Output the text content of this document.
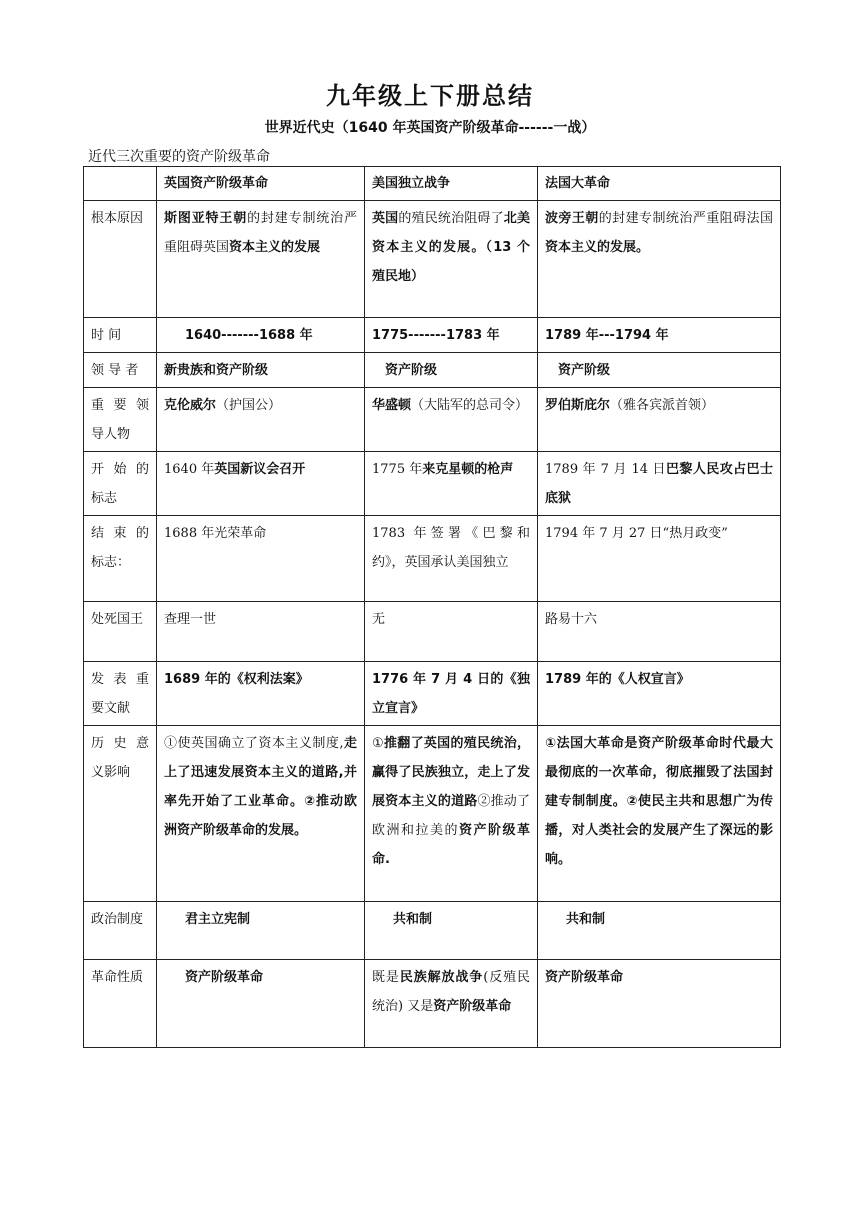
九年级上下册总结
世界近代史（1640 年英国资产阶级革命------一战）
近代三次重要的资产阶级革命
	英国资产阶级革命	美国独立战争	法国大革命
根本原因	斯图亚特王朝的封建专制统治严重阻碍英国资本主义的发展	英国的殖民统治阻碍了北美资本主义的发展。（13 个殖民地）	波旁王朝的封建专制统治严重阻碍法国资本主义的发展。
时 间	1640-------1688 年	1775-------1783 年	1789 年---1794 年
领 导 者	新贵族和资产阶级	资产阶级	资产阶级
重 要 领导人物	克伦威尔（护国公）	华盛顿（大陆军的总司令）	罗伯斯庇尔（雅各宾派首领）
开 始 的标志	1640 年英国新议会召开	1775 年来克星顿的枪声	1789 年 7 月 14 日巴黎人民攻占巴士底狱
结 束 的标志：	1688 年光荣革命	1783 年签署《巴黎和约》，英国承认美国独立	1794 年 7 月 27 日“热月政变”
处死国王	查理一世	无	路易十六
发 表 重要文献	1689 年的《权利法案》	1776 年 7 月 4 日的《独立宣言》	1789 年的《人权宣言》
历 史 意义影响	①使英国确立了资本主义制度,走上了迅速发展资本主义的道路,并率先开始了工业革命。②推动欧洲资产阶级革命的发展。	①推翻了英国的殖民统治，赢得了民族独立，走上了发展资本主义的道路②推动了欧洲和拉美的资产阶级革命.	①法国大革命是资产阶级革命时代最大最彻底的一次革命，彻底摧毁了法国封建专制制度。②使民主共和思想广为传播，对人类社会的发展产生了深远的影响。
政治制度	君主立宪制	共和制	共和制
革命性质	资产阶级革命	既是民族解放战争(反殖民统治) 又是资产阶级革命	资产阶级革命
